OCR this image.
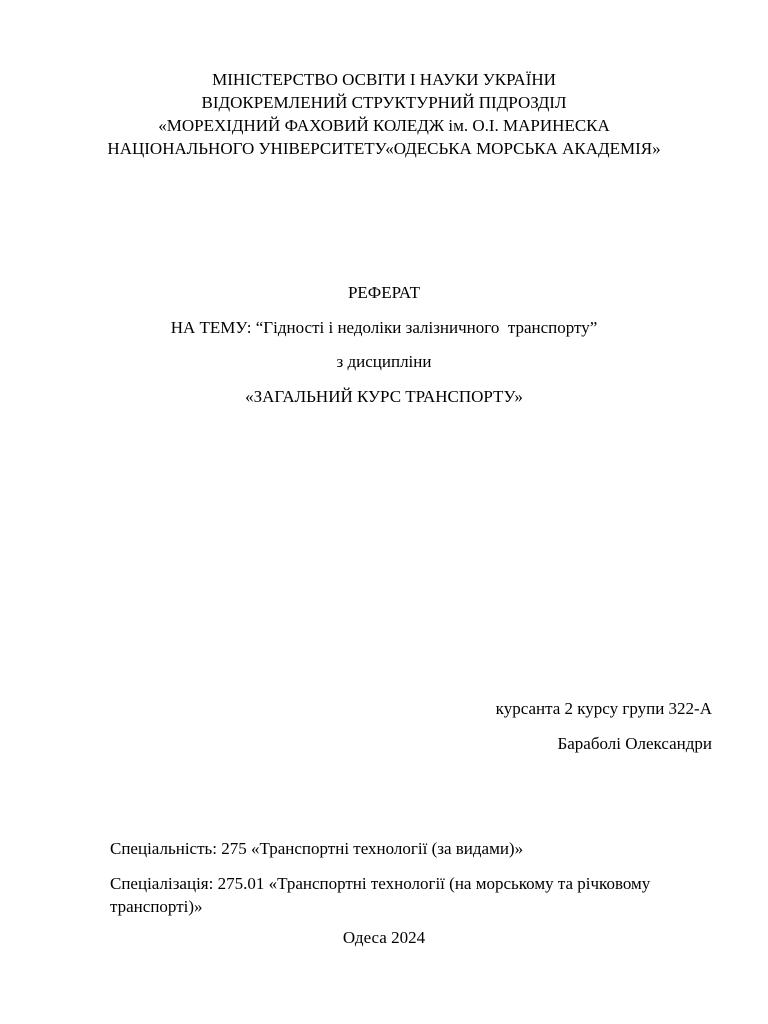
МІНІСТЕРСТВО ОСВІТИ І НАУКИ УКРАЇНИ
ВІДОКРЕМЛЕНИЙ СТРУКТУРНИЙ ПІДРОЗДІЛ
«МОРЕХІДНИЙ ФАХОВИЙ КОЛЕДЖ ім. О.І. МАРИНЕСКА
НАЦІОНАЛЬНОГО УНІВЕРСИТЕТУ«ОДЕСЬКА МОРСЬКА АКАДЕМІЯ»
РЕФЕРАТ
НА ТЕМУ: “Гідності і недоліки залізничного  транспорту”
з дисципліни
«ЗАГАЛЬНИЙ КУРС ТРАНСПОРТУ»
курсанта 2 курсу групи 322-А
Бараболі Олександри
Спеціальність: 275 «Транспортні технології (за видами)»
Спеціалізація: 275.01 «Транспортні технології (на морському та річковому транспорті)»
Одеса 2024
